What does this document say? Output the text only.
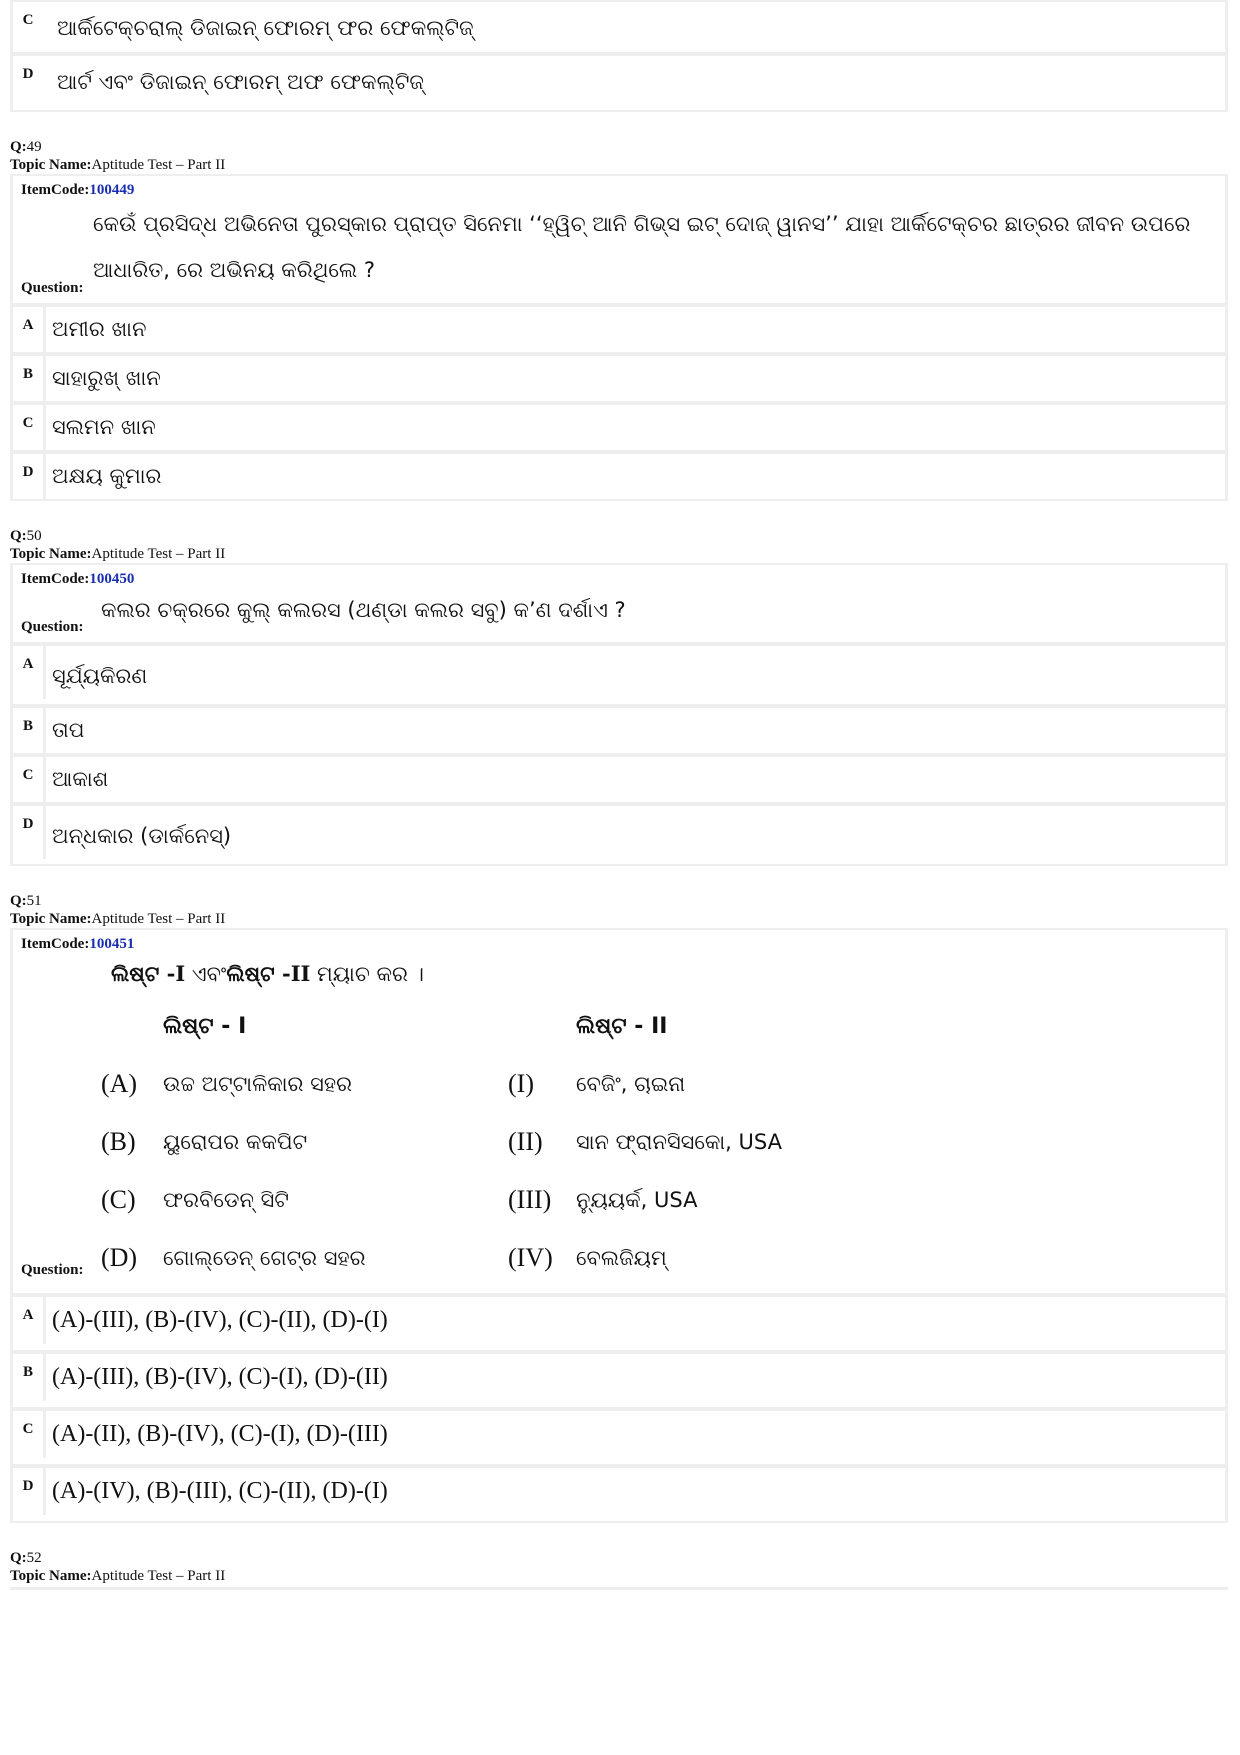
C	ଆର୍କିଟେକ୍ଚରାଲ୍ ଡିଜାଇନ୍ ଫୋରମ୍ ଫର ଫେକଲ୍ଟିଜ୍
D	ଆର୍ଟ ଏବଂ ଡିଜାଇନ୍ ଫୋରମ୍ ଅଫ ଫେକଲ୍ଟିଜ୍
Q:49
Topic Name:Aptitude Test – Part II
ItemCode:100449
Question:
କେଉଁ ପ୍ରସିଦ୍ଧ ଅଭିନେତା ପୁରସ୍କାର ପ୍ରାପ୍ତ ସିନେମା ‘‘ହ୍ୱିଚ୍ ଆନି ଗିଭ୍ସ ଇଟ୍ ଦୋଜ୍ ୱାନସ’’ ଯାହା ଆର୍କିଟେକ୍ଚର ଛାତ୍ରର ଜୀବନ ଉପରେ ଆଧାରିତ, ରେ ଅଭିନୟ କରିଥିଲେ ?
A ଅମୀର ଖାନ
B ସାହାରୁଖ୍ ଖାନ
C ସଲମନ ଖାନ
D ଅକ୍ଷୟ କୁମାର
Q:50
Topic Name:Aptitude Test – Part II
ItemCode:100450
Question:
କଲର ଚକ୍ରରେ କୁଲ୍ କଲରସ (ଥଣ୍ଡା କଲର ସବୁ) କ’ଣ ଦର୍ଶାଏ ?
A ସୂର୍ଯ୍ୟକିରଣ
B ତାପ
C ଆକାଶ
D ଅନ୍ଧକାର (ଡାର୍କନେସ୍)
Q:51
Topic Name:Aptitude Test – Part II
ItemCode:100451
Question:
ଲିଷ୍ଟ -I ଏବଂଲିଷ୍ଟ -II ମ୍ୟାଚ କର ।
	ଲିଷ୍ଟ - I		ଲିଷ୍ଟ - II
(A)	ଉଚ୍ଚ ଅଟ୍ଟାଳିକାର ସହର	(I)	ବେଜିଂ, ଚାଇନା
(B)	ୟୁରୋପର କକପିଟ	(II)	ସାନ ଫ୍ରାନସିସକୋ, USA
(C)	ଫରବିଡେନ୍ ସିଟି	(III)	ନ୍ୟୁୟର୍କ, USA
(D)	ଗୋଲ୍ଡେନ୍ ଗେଟ୍ର ସହର	(IV)	ବେଲଜିୟମ୍
A (A)-(III), (B)-(IV), (C)-(II), (D)-(I)
B (A)-(III), (B)-(IV), (C)-(I), (D)-(II)
C (A)-(II), (B)-(IV), (C)-(I), (D)-(III)
D (A)-(IV), (B)-(III), (C)-(II), (D)-(I)
Q:52
Topic Name:Aptitude Test – Part II
